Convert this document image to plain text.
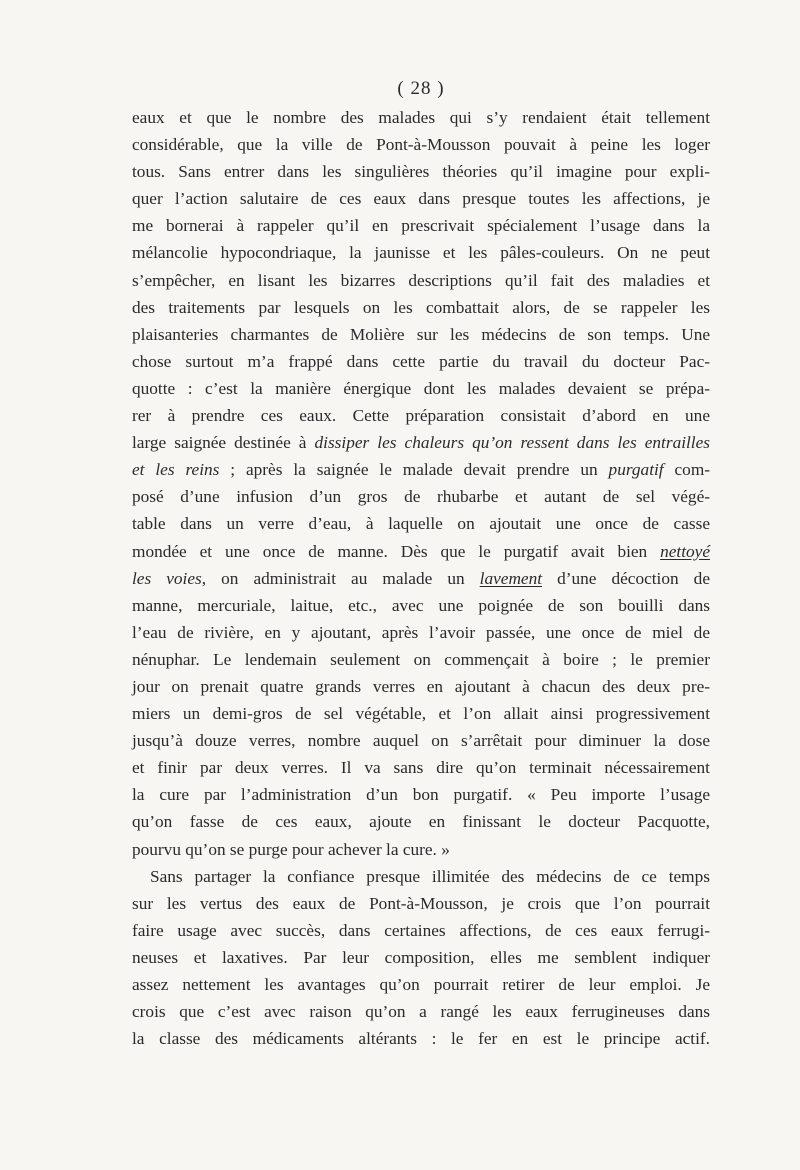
( 28 )
eaux et que le nombre des malades qui s’y rendaient était tellement
considérable, que la ville de Pont-à-Mousson pouvait à peine les loger
tous. Sans entrer dans les singulières théories qu’il imagine pour expli-
quer l’action salutaire de ces eaux dans presque toutes les affections, je
me bornerai à rappeler qu’il en prescrivait spécialement l’usage dans la
mélancolie hypocondriaque, la jaunisse et les pâles-couleurs. On ne peut
s’empêcher, en lisant les bizarres descriptions qu’il fait des maladies et
des traitements par lesquels on les combattait alors, de se rappeler les
plaisanteries charmantes de Molière sur les médecins de son temps. Une
chose surtout m’a frappé dans cette partie du travail du docteur Pac-
quotte : c’est la manière énergique dont les malades devaient se prépa-
rer à prendre ces eaux. Cette préparation consistait d’abord en une
large saignée destinée à dissiper les chaleurs qu’on ressent dans les entrailles
et les reins ; après la saignée le malade devait prendre un purgatif com-
posé d’une infusion d’un gros de rhubarbe et autant de sel végé-
table dans un verre d’eau, à laquelle on ajoutait une once de casse
mondée et une once de manne. Dès que le purgatif avait bien nettoyé
les voies, on administrait au malade un lavement d’une décoction de
manne, mercuriale, laitue, etc., avec une poignée de son bouilli dans
l’eau de rivière, en y ajoutant, après l’avoir passée, une once de miel de
nénuphar. Le lendemain seulement on commençait à boire ; le premier
jour on prenait quatre grands verres en ajoutant à chacun des deux pre-
miers un demi-gros de sel végétable, et l’on allait ainsi progressivement
jusqu’à douze verres, nombre auquel on s’arrêtait pour diminuer la dose
et finir par deux verres. Il va sans dire qu’on terminait nécessairement
la cure par l’administration d’un bon purgatif. « Peu importe l’usage
qu’on fasse de ces eaux, ajoute en finissant le docteur Pacquotte,
pourvu qu’on se purge pour achever la cure. »
Sans partager la confiance presque illimitée des médecins de ce temps
sur les vertus des eaux de Pont-à-Mousson, je crois que l’on pourrait
faire usage avec succès, dans certaines affections, de ces eaux ferrugi-
neuses et laxatives. Par leur composition, elles me semblent indiquer
assez nettement les avantages qu’on pourrait retirer de leur emploi. Je
crois que c’est avec raison qu’on a rangé les eaux ferrugineuses dans
la classe des médicaments altérants : le fer en est le principe actif.
